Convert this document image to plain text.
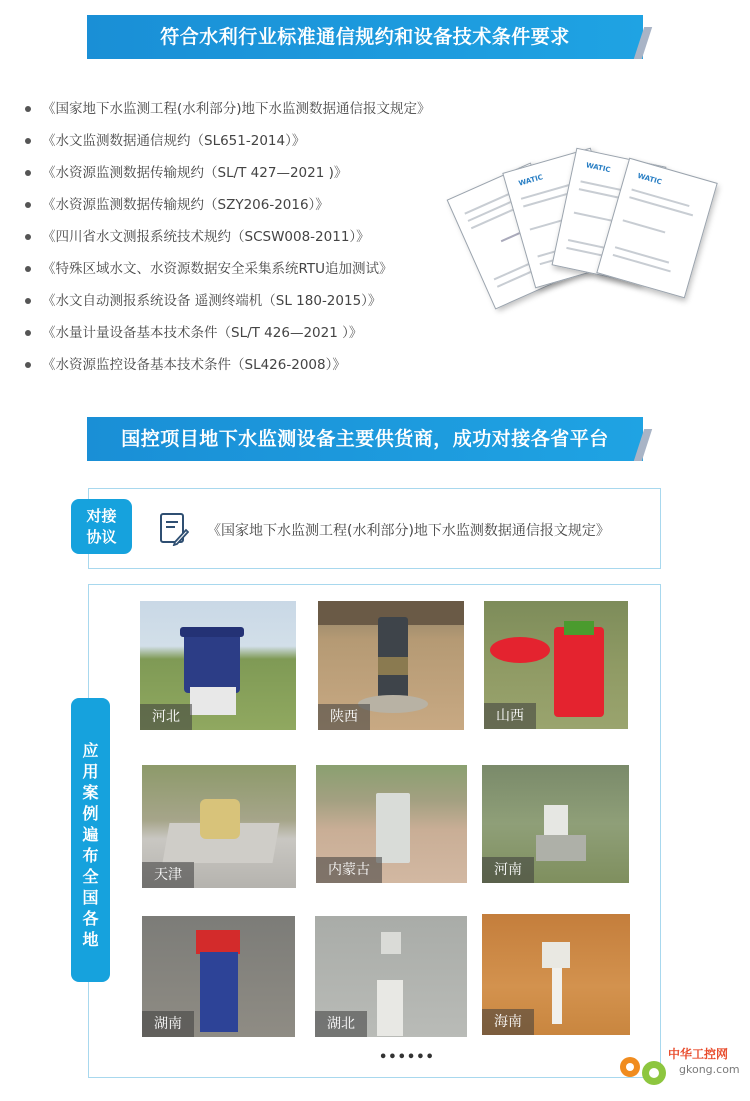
符合水利行业标准通信规约和设备技术条件要求
《国家地下水监测工程(水利部分)地下水监测数据通信报文规定》
《水文监测数据通信规约（SL651-2014）》
《水资源监测数据传输规约（SL/T 427—2021 )》
《水资源监测数据传输规约（SZY206-2016）》
《四川省水文测报系统技术规约（SCSW008-2011）》
《特殊区域水文、水资源数据安全采集系统RTU追加测试》
《水文自动测报系统设备 遥测终端机（SL 180-2015）》
《水量计量设备基本技术条件（SL/T 426—2021 ）》
《水资源监控设备基本技术条件（SL426-2008）》
WATIC
WATIC
WATIC
国控项目地下水监测设备主要供货商，成功对接各省平台
对接
协议	《国家地下水监测工程(水利部分)地下水监测数据通信报文规定》
应
用
案
例
遍
布
全
国
各
地
河北	陕西	山西
天津	内蒙古	河南
湖南	湖北	海南
••••••	中华工控网
gkong.com
